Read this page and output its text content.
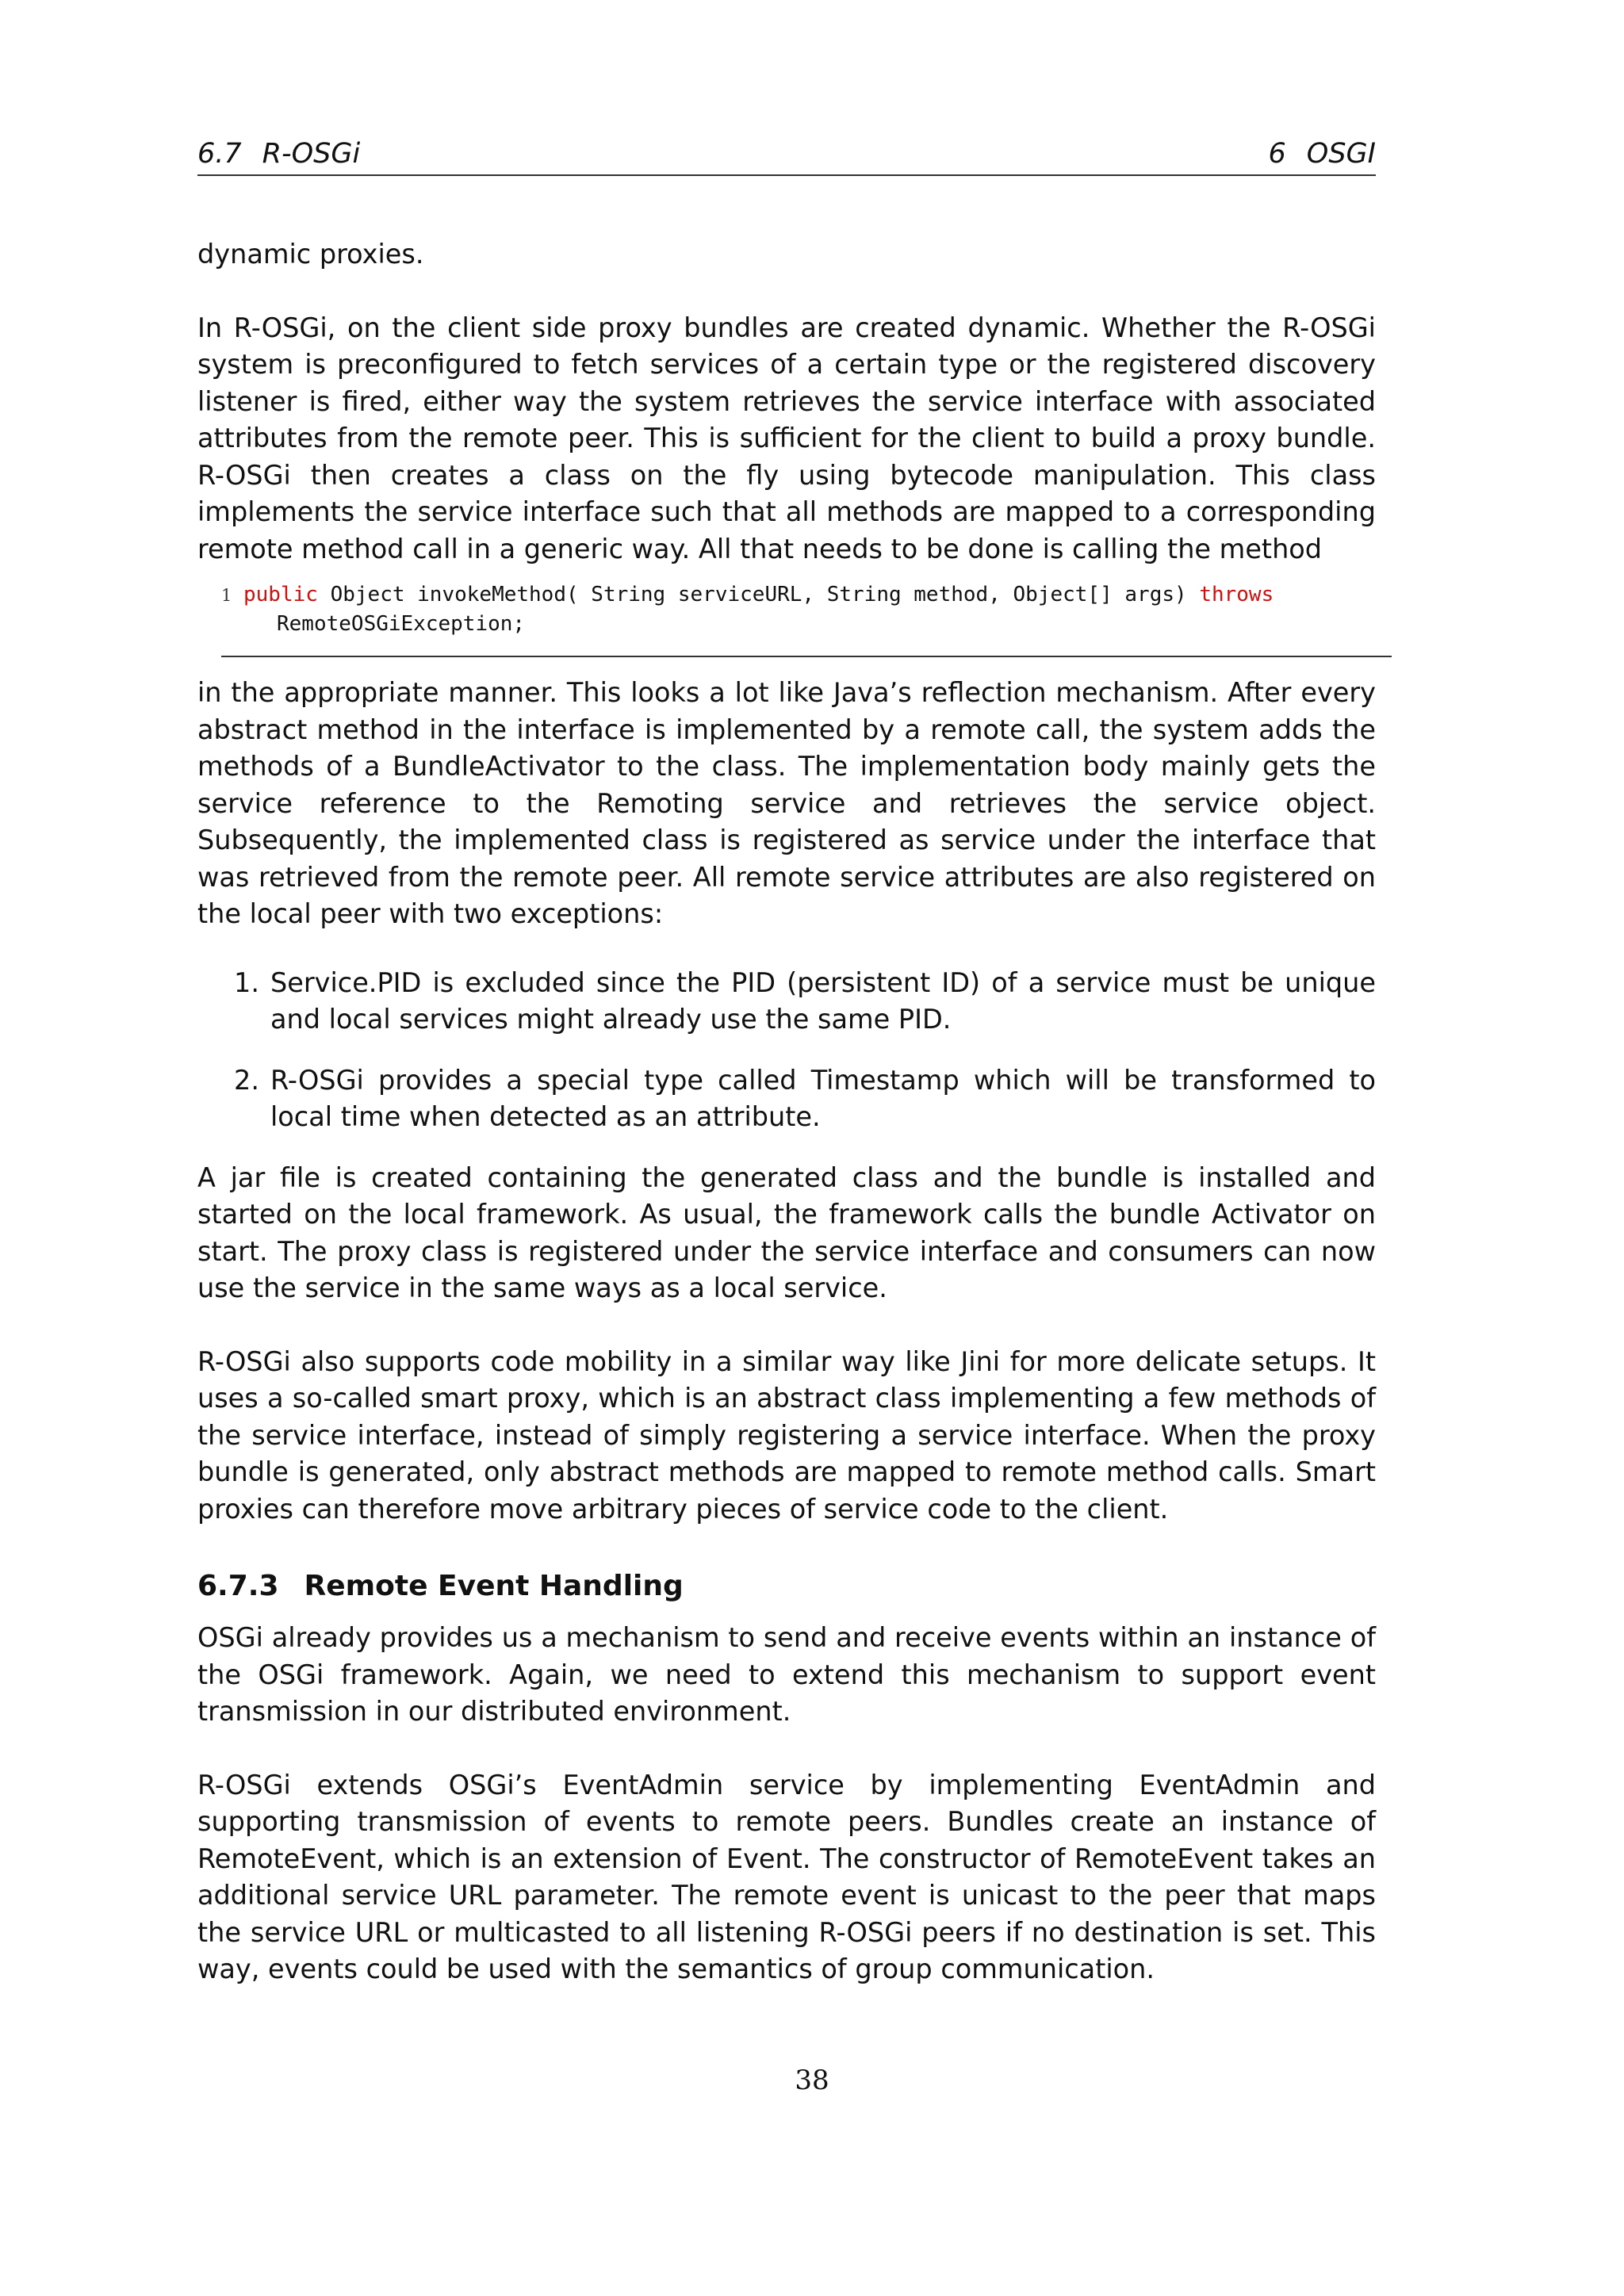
6.7 R-OSGi	6 OSGI

dynamic proxies.

In R-OSGi, on the client side proxy bundles are created dynamic. Whether the R-OSGi system is preconfigured to fetch services of a certain type or the registered discovery listener is fired, either way the system retrieves the service interface with associated attributes from the remote peer. This is sufficient for the client to build a proxy bundle. R-OSGi then creates a class on the fly using bytecode manipulation. This class implements the service interface such that all methods are mapped to a corresponding remote method call in a generic way. All that needs to be done is calling the method

1 public Object invokeMethod( String serviceURL, String method, Object[] args) throws
RemoteOSGiException;

in the appropriate manner. This looks a lot like Java’s reflection mechanism. After every abstract method in the interface is implemented by a remote call, the system adds the methods of a BundleActivator to the class. The implementation body mainly gets the service reference to the Remoting service and retrieves the service object. Subsequently, the implemented class is registered as service under the interface that was retrieved from the remote peer. All remote service attributes are also registered on the local peer with two exceptions:

1. Service.PID is excluded since the PID (persistent ID) of a service must be unique and local services might already use the same PID.
2. R-OSGi provides a special type called Timestamp which will be transformed to local time when detected as an attribute.

A jar file is created containing the generated class and the bundle is installed and started on the local framework. As usual, the framework calls the bundle Activator on start. The proxy class is registered under the service interface and consumers can now use the service in the same ways as a local service.

R-OSGi also supports code mobility in a similar way like Jini for more delicate setups. It uses a so-called smart proxy, which is an abstract class implementing a few methods of the service interface, instead of simply registering a service interface. When the proxy bundle is generated, only abstract methods are mapped to remote method calls. Smart proxies can therefore move arbitrary pieces of service code to the client.

6.7.3 Remote Event Handling

OSGi already provides us a mechanism to send and receive events within an instance of the OSGi framework. Again, we need to extend this mechanism to support event transmission in our distributed environment.

R-OSGi extends OSGi’s EventAdmin service by implementing EventAdmin and supporting transmission of events to remote peers. Bundles create an instance of RemoteEvent, which is an extension of Event. The constructor of RemoteEvent takes an additional service URL parameter. The remote event is unicast to the peer that maps the service URL or multicasted to all listening R-OSGi peers if no destination is set. This way, events could be used with the semantics of group communication.

38
